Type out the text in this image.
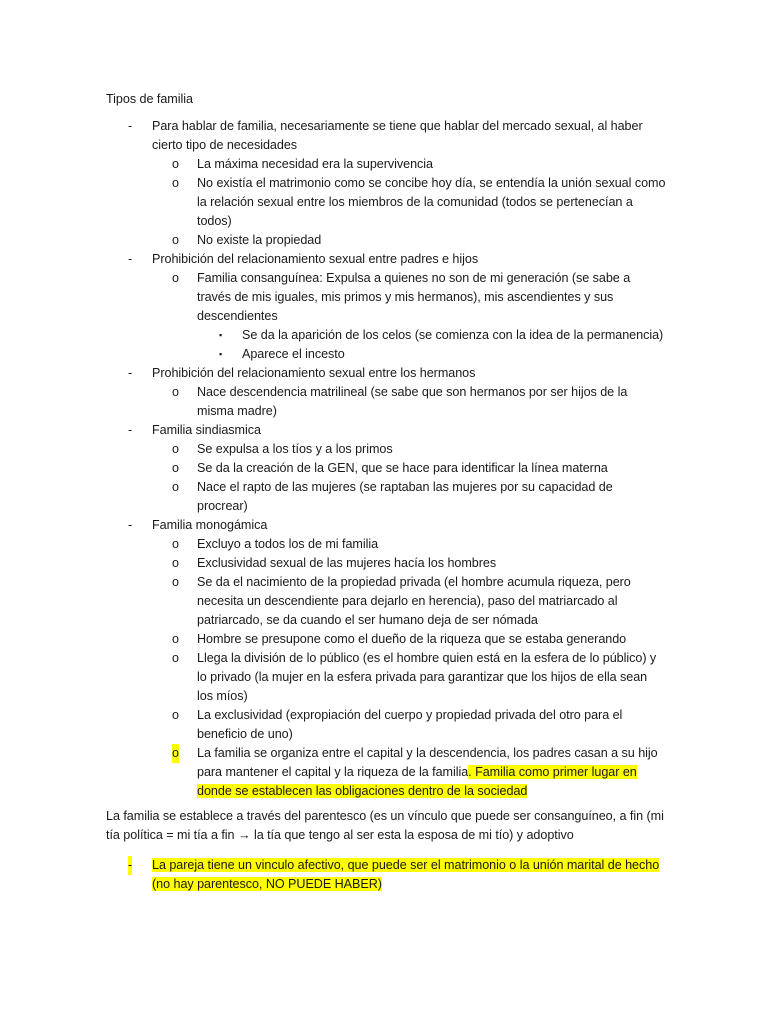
Tipos de familia

- Para hablar de familia, necesariamente se tiene que hablar del mercado sexual, al haber cierto tipo de necesidades
o La máxima necesidad era la supervivencia
o No existía el matrimonio como se concibe hoy día, se entendía la unión sexual como la relación sexual entre los miembros de la comunidad (todos se pertenecían a todos)
o No existe la propiedad
- Prohibición del relacionamiento sexual entre padres e hijos
o Familia consanguínea: Expulsa a quienes no son de mi generación (se sabe a través de mis iguales, mis primos y mis hermanos), mis ascendientes y sus descendientes
▪ Se da la aparición de los celos (se comienza con la idea de la permanencia)
▪ Aparece el incesto
- Prohibición del relacionamiento sexual entre los hermanos
o Nace descendencia matrilineal (se sabe que son hermanos por ser hijos de la misma madre)
- Familia sindiasmica
o Se expulsa a los tíos y a los primos
o Se da la creación de la GEN, que se hace para identificar la línea materna
o Nace el rapto de las mujeres (se raptaban las mujeres por su capacidad de procrear)
- Familia monogámica
o Excluyo a todos los de mi familia
o Exclusividad sexual de las mujeres hacía los hombres
o Se da el nacimiento de la propiedad privada (el hombre acumula riqueza, pero necesita un descendiente para dejarlo en herencia), paso del matriarcado al patriarcado, se da cuando el ser humano deja de ser nómada
o Hombre se presupone como el dueño de la riqueza que se estaba generando
o Llega la división de lo público (es el hombre quien está en la esfera de lo público) y lo privado (la mujer en la esfera privada para garantizar que los hijos de ella sean los míos)
o La exclusividad (expropiación del cuerpo y propiedad privada del otro para el beneficio de uno)
o La familia se organiza entre el capital y la descendencia, los padres casan a su hijo para mantener el capital y la riqueza de la familia. Familia como primer lugar en donde se establecen las obligaciones dentro de la sociedad

La familia se establece a través del parentesco (es un vínculo que puede ser consanguíneo, a fin (mi tía política = mi tía a fin → la tía que tengo al ser esta la esposa de mi tío) y adoptivo

- La pareja tiene un vinculo afectivo, que puede ser el matrimonio o la unión marital de hecho (no hay parentesco, NO PUEDE HABER)
